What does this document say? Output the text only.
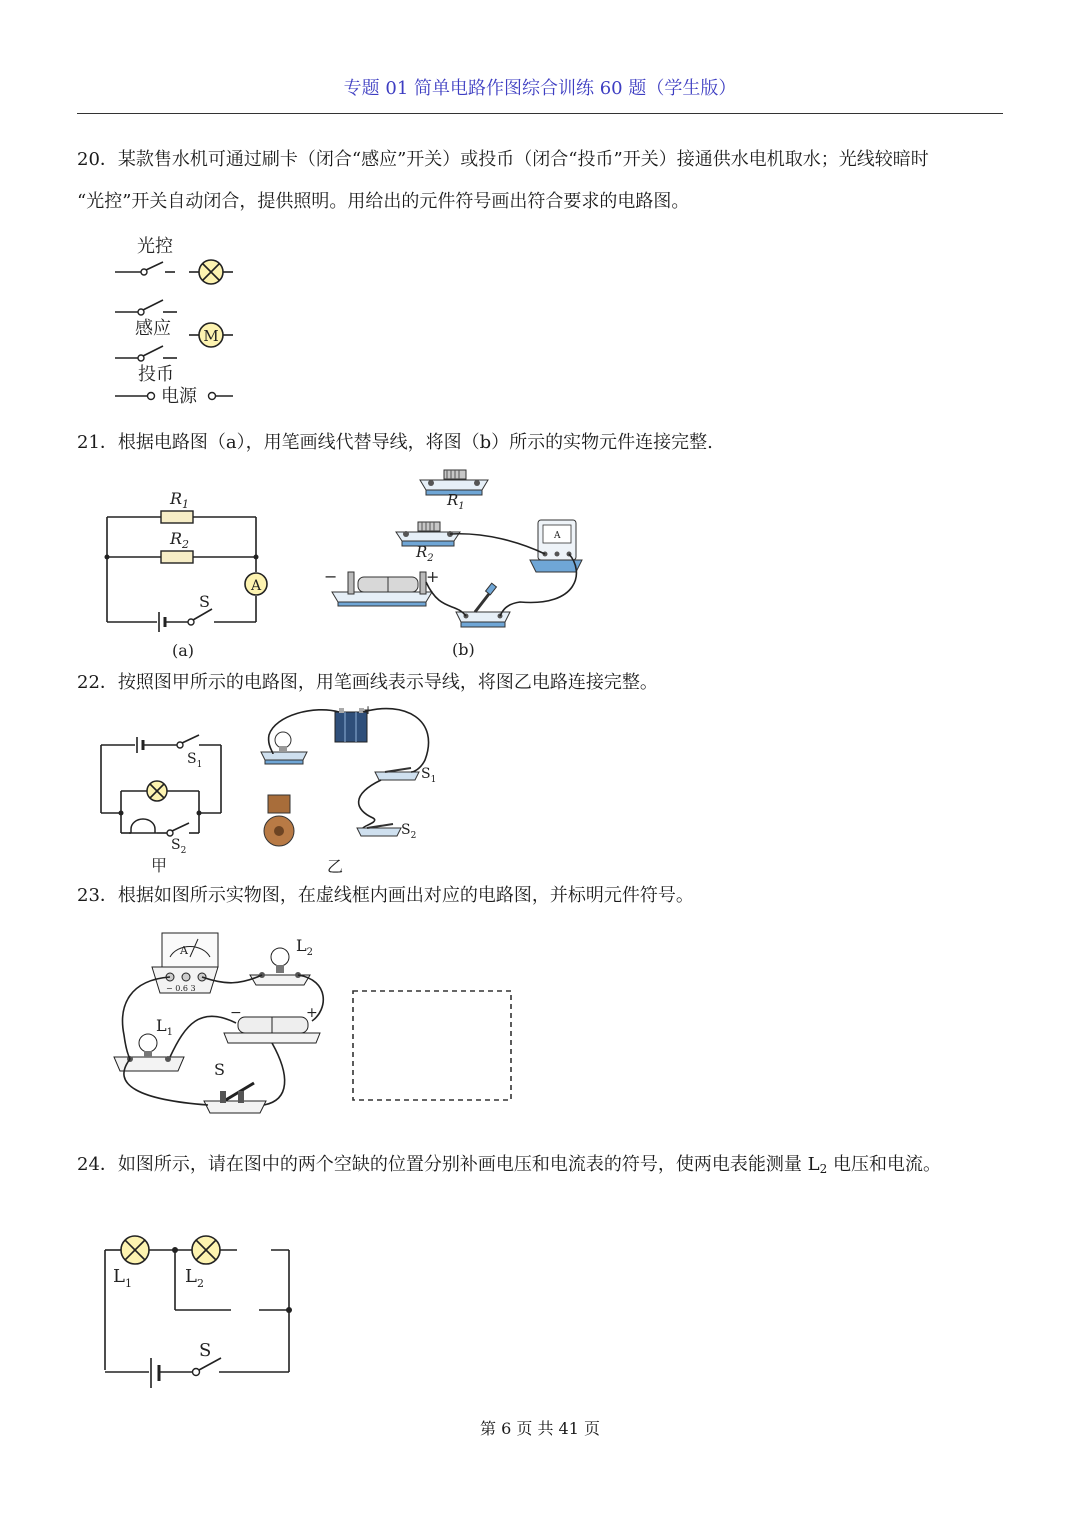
专题 01 简单电路作图综合训练 60 题（学生版）
20．某款售水机可通过刷卡（闭合“感应”开关）或投币（闭合“投币”开关）接通供水电机取水；光线较暗时
“光控”开关自动闭合，提供照明。用给出的元件符号画出符合要求的电路图。
光控
感应 M
投币
电源
21．根据电路图（a），用笔画线代替导线，将图（b）所示的实物元件连接完整.
$R_1$
$R_2$
A
S
(a)
$R_1$
$R_2$
A
−	+
(b)
22．按照图甲所示的电路图，用笔画线表示导线，将图乙电路连接完整。
$S_1$
$S_2$
甲
+
$S_1$
$S_2$
乙
23．根据如图所示实物图，在虚线框内画出对应的电路图，并标明元件符号。
A
− 0.6 3
$L_2$
−	+
$L_1$
S
24．如图所示，请在图中的两个空缺的位置分别补画电压和电流表的符号，使两电表能测量 L2 电压和电流。
$L_1$	$L_2$
S
第 6 页 共 41 页
